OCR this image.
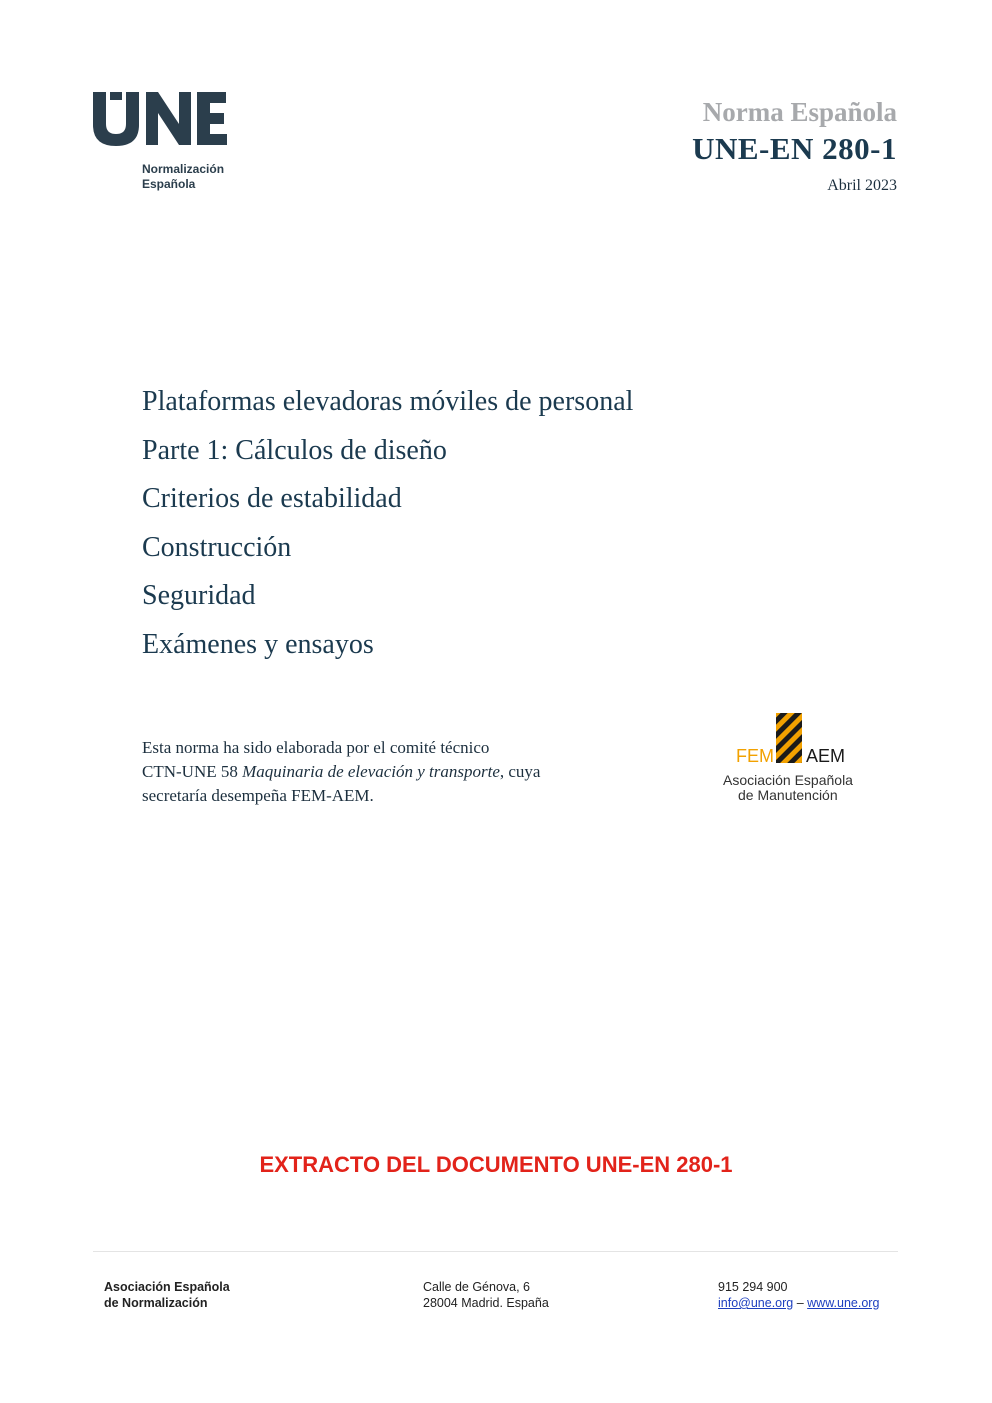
Normalización
Española
Norma Española
UNE-EN 280-1
Abril 2023
Plataformas elevadoras móviles de personal
Parte 1: Cálculos de diseño
Criterios de estabilidad
Construcción
Seguridad
Exámenes y ensayos
Esta norma ha sido elaborada por el comité técnico
CTN-UNE 58 Maquinaria de elevación y transporte, cuya
secretaría desempeña FEM-AEM.
FEM AEM
Asociación Española
de Manutención
EXTRACTO DEL DOCUMENTO UNE-EN 280-1
Asociación Española
de Normalización
Calle de Génova, 6
28004 Madrid. España
915 294 900
info@une.org – www.une.org
